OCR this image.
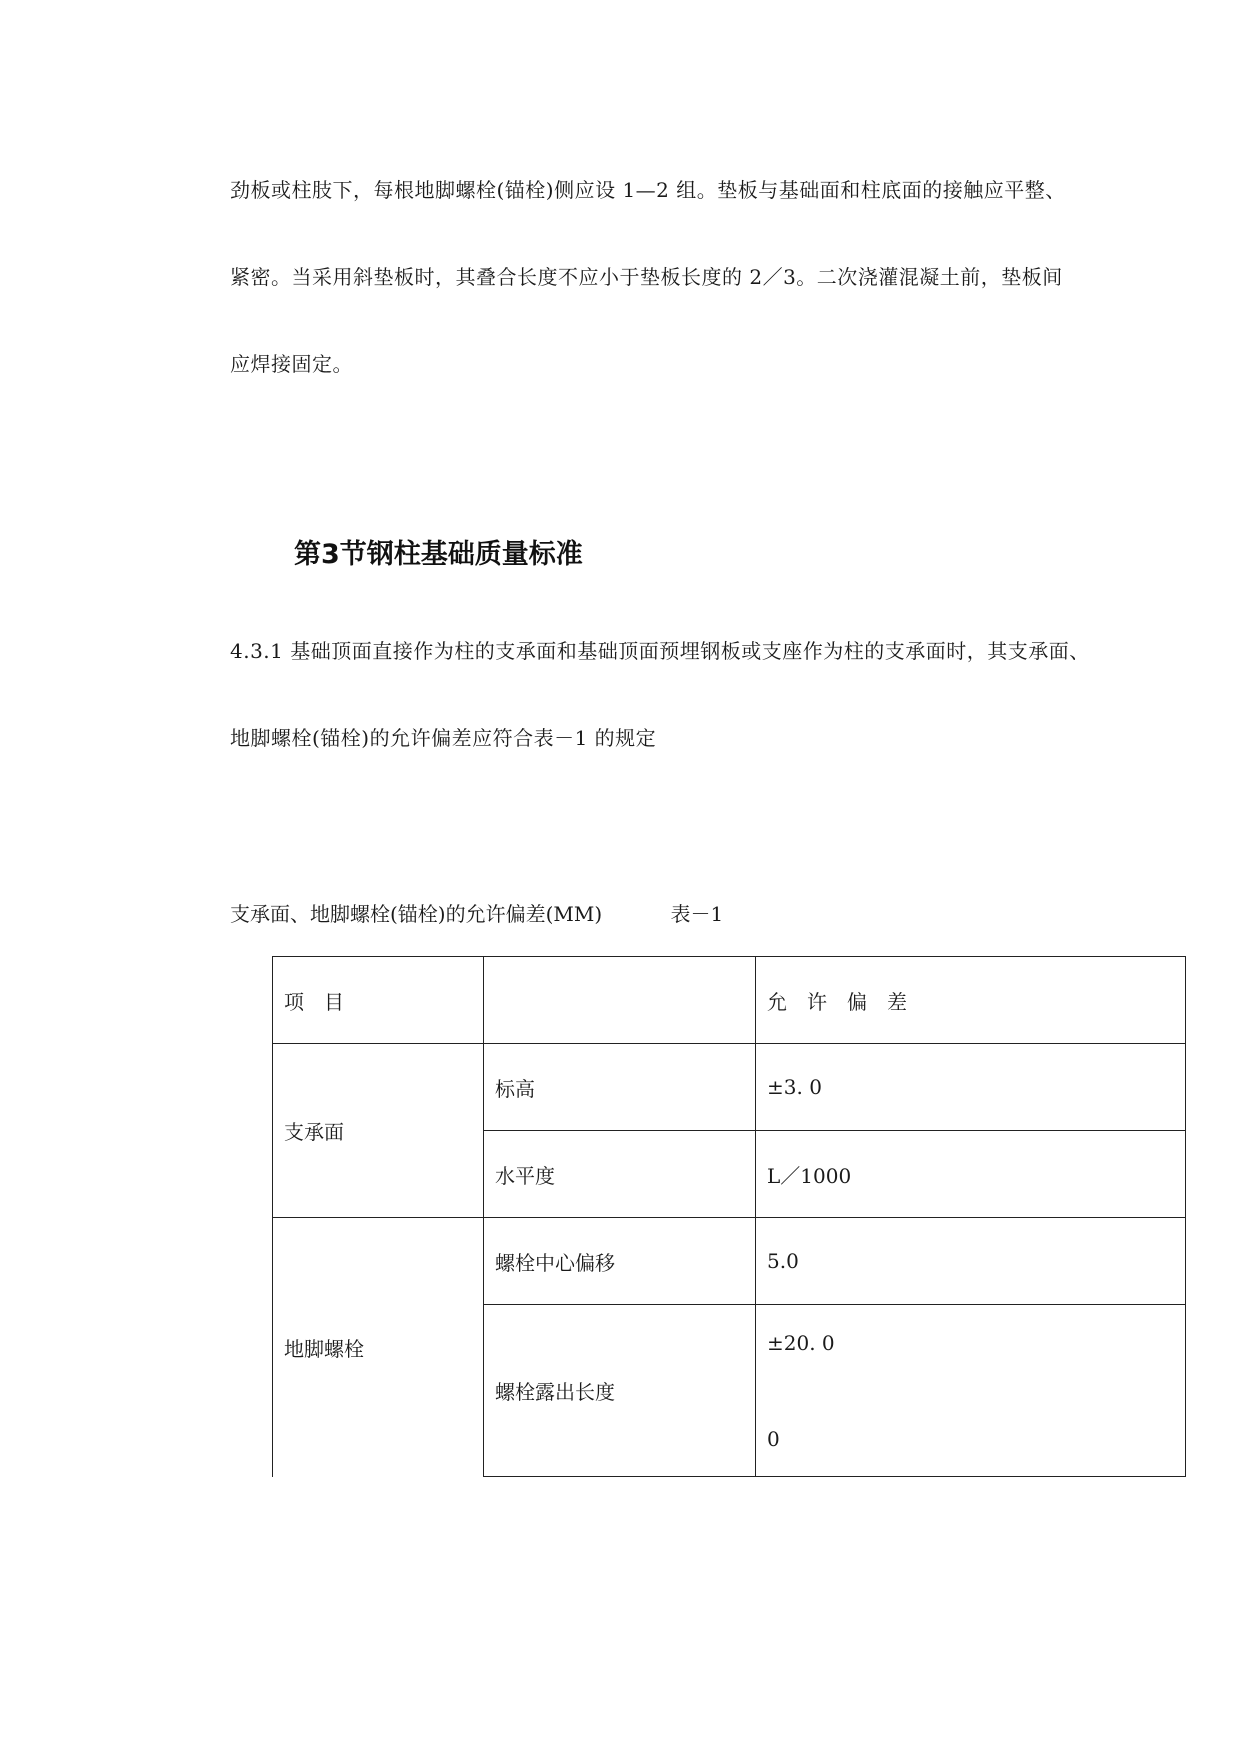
劲板或柱肢下，每根地脚螺栓(锚栓)侧应设 1—2 组。垫板与基础面和柱底面的接触应平整、
紧密。当采用斜垫板时，其叠合长度不应小于垫板长度的 2／3。二次浇灌混凝土前，垫板间
应焊接固定。
第3节钢柱基础质量标准
4.3.1 基础顶面直接作为柱的支承面和基础顶面预埋钢板或支座作为柱的支承面时，其支承面、
地脚螺栓(锚栓)的允许偏差应符合表－1 的规定
支承面、地脚螺栓(锚栓)的允许偏差(MM)	表－1
项　目		允　许　偏　差
支承面	标高	±3. 0
	水平度	L／1000
地脚螺栓	螺栓中心偏移	5.0
	螺栓露出长度	±20. 0
0
